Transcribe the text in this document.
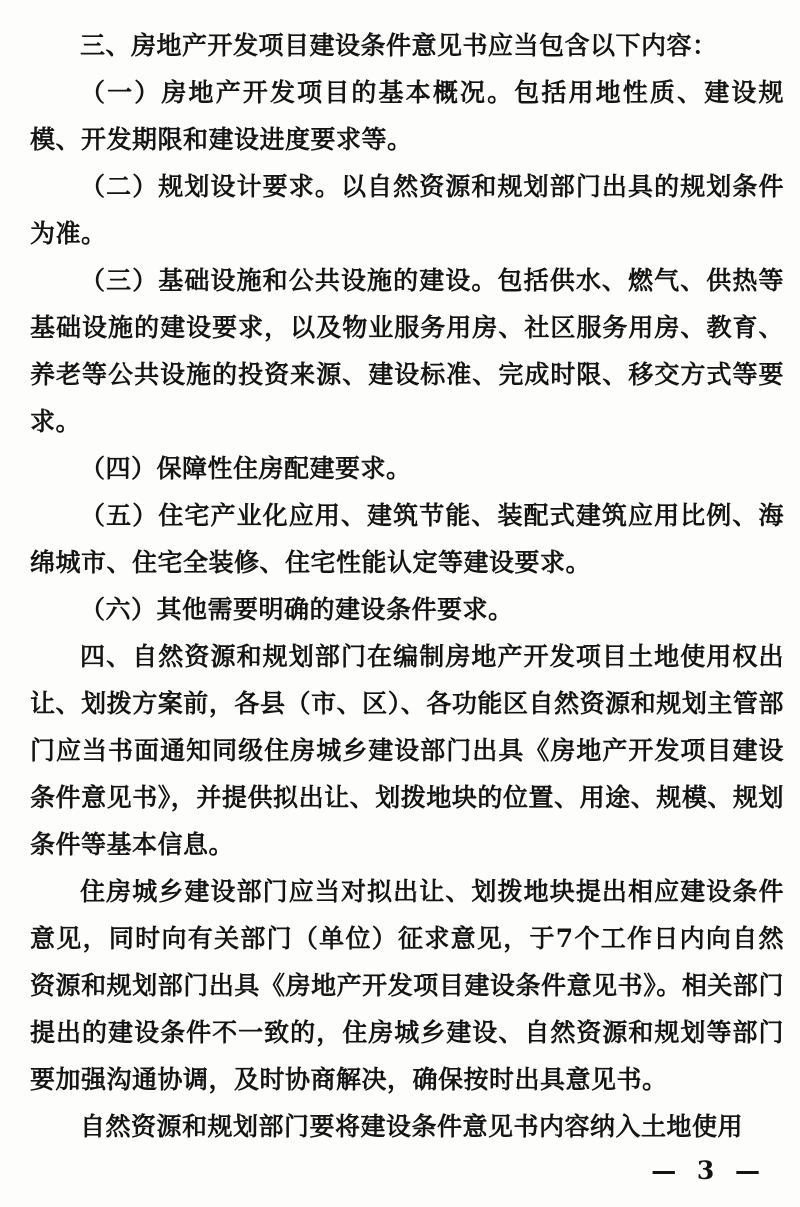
三、房地产开发项目建设条件意见书应当包含以下内容：

（一）房地产开发项目的基本概况。包括用地性质、建设规模、开发期限和建设进度要求等。

（二）规划设计要求。以自然资源和规划部门出具的规划条件为准。

（三）基础设施和公共设施的建设。包括供水、燃气、供热等基础设施的建设要求，以及物业服务用房、社区服务用房、教育、养老等公共设施的投资来源、建设标准、完成时限、移交方式等要求。

（四）保障性住房配建要求。

（五）住宅产业化应用、建筑节能、装配式建筑应用比例、海绵城市、住宅全装修、住宅性能认定等建设要求。

（六）其他需要明确的建设条件要求。

四、自然资源和规划部门在编制房地产开发项目土地使用权出让、划拨方案前，各县（市、区）、各功能区自然资源和规划主管部门应当书面通知同级住房城乡建设部门出具《房地产开发项目建设条件意见书》，并提供拟出让、划拨地块的位置、用途、规模、规划条件等基本信息。

住房城乡建设部门应当对拟出让、划拨地块提出相应建设条件意见，同时向有关部门（单位）征求意见，于7个工作日内向自然资源和规划部门出具《房地产开发项目建设条件意见书》。相关部门提出的建设条件不一致的，住房城乡建设、自然资源和规划等部门要加强沟通协调，及时协商解决，确保按时出具意见书。

自然资源和规划部门要将建设条件意见书内容纳入土地使用

— 3 —
